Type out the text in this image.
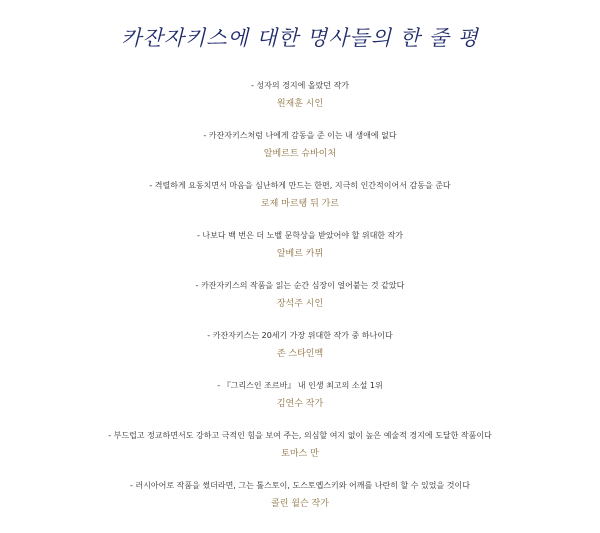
카잔자키스에 대한 명사들의 한 줄 평
- 성자의 경지에 올랐던 작가
원재훈 시인
- 카잔자키스처럼 나에게 감동을 준 이는 내 생애에 없다
알베르트 슈바이처
- 격렬하게 요동치면서 마음을 심난하게 만드는 한편, 지극히 인간적이어서 감동을 준다
로제 마르탱 뒤 가르
- 나보다 백 번은 더 노벨 문학상을 받았어야 할 위대한 작가
알베르 카뮈
- 카잔자키스의 작품을 읽는 순간 심장이 얼어붙는 것 같았다
장석주 시인
- 카잔자키스는 20세기 가장 위대한 작가 중 하나이다
존 스타인벡
- 『그리스인 조르바』 내 인생 최고의 소설 1위
김연수 작가
- 부드럽고 정교하면서도 강하고 극적인 힘을 보여 주는, 의심할 여지 없이 높은 예술적 경지에 도달한 작품이다
토마스 만
- 러시아어로 작품을 썼더라면, 그는 톨스토이, 도스토옙스키와 어깨를 나란히 할 수 있었을 것이다
콜린 윌슨 작가
